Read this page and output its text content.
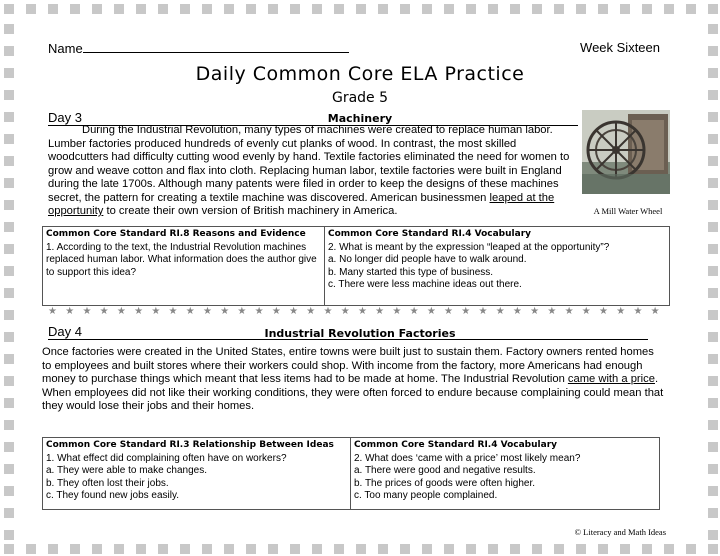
Name	Week Sixteen
Daily Common Core ELA Practice
Grade 5
Day 3	Machinery
During the Industrial Revolution, many types of machines were created to replace human labor. Lumber factories produced hundreds of evenly cut planks of wood. In contrast, the most skilled woodcutters had difficulty cutting wood evenly by hand. Textile factories eliminated the need for women to grow and weave cotton and flax into cloth. Replacing human labor, textile factories were built in England during the late 1700s. Although many patents were filed in order to keep the designs of these machines secret, the pattern for creating a textile machine was discovered. American businessmen leaped at the opportunity to create their own version of British machinery in America.	A Mill Water Wheel
Common Core Standard RI.8 Reasons and Evidence
1. According to the text, the Industrial Revolution machines replaced human labor. What information does the author give to support this idea?
Common Core Standard RI.4 Vocabulary
2. What is meant by the expression “leaped at the opportunity”?
a. No longer did people have to walk around.
b. Many started this type of business.
c. There were less machine ideas out there.
★ ★ ★ ★ ★ ★ ★ ★ ★ ★ ★ ★ ★ ★ ★ ★ ★ ★ ★ ★ ★ ★ ★ ★ ★ ★ ★ ★ ★ ★ ★ ★ ★ ★ ★ ★
Day 4	Industrial Revolution Factories
Once factories were created in the United States, entire towns were built just to sustain them. Factory owners rented homes to employees and built stores where their workers could shop. With income from the factory, more Americans had enough money to purchase things which meant that less items had to be made at home. The Industrial Revolution came with a price. When employees did not like their working conditions, they were often forced to endure because complaining could mean that they would lose their jobs and their homes.
Common Core Standard RI.3 Relationship Between Ideas
1. What effect did complaining often have on workers?
a. They were able to make changes.
b. They often lost their jobs.
c. They found new jobs easily.
Common Core Standard RI.4 Vocabulary
2. What does ‘came with a price’ most likely mean?
a. There were good and negative results.
b. The prices of goods were often higher.
c. Too many people complained.
© Literacy and Math Ideas
